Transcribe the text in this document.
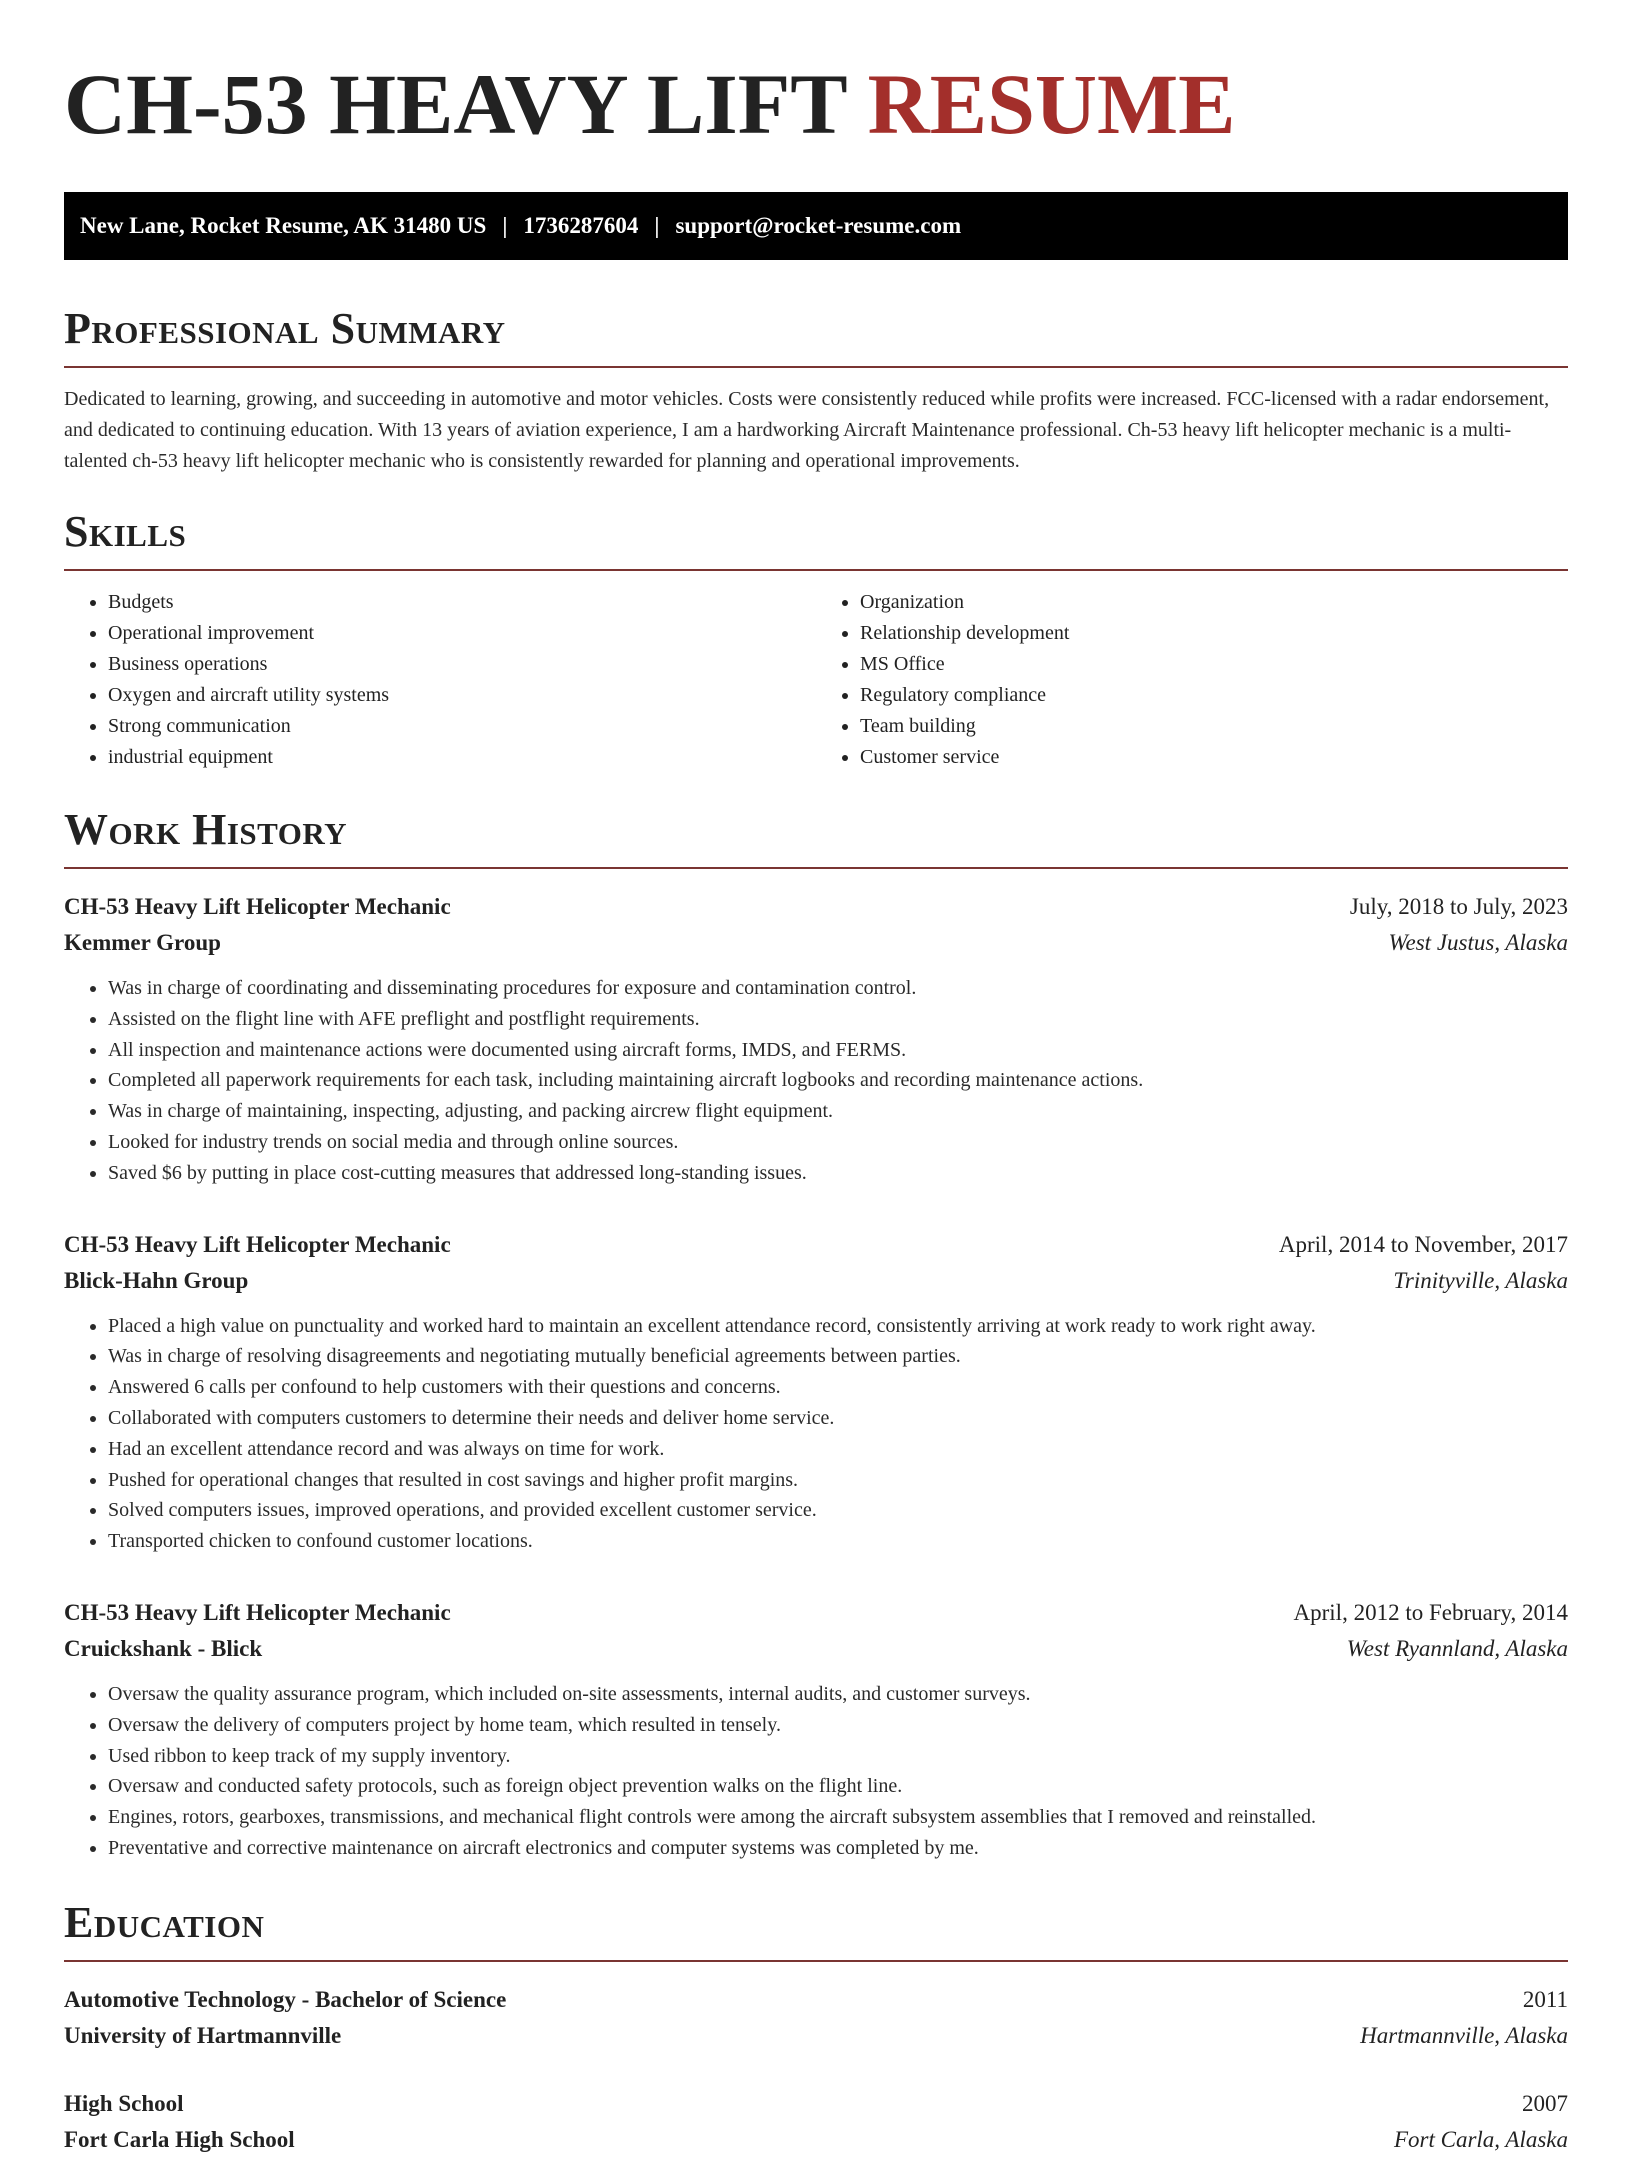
CH-53 HEAVY LIFT RESUME
New Lane, Rocket Resume, AK 31480 US | 1736287604 | support@rocket-resume.com
Professional Summary

Dedicated to learning, growing, and succeeding in automotive and motor vehicles. Costs were consistently reduced while profits were increased. FCC-licensed with a radar endorsement, and dedicated to continuing education. With 13 years of aviation experience, I am a hardworking Aircraft Maintenance professional. Ch-53 heavy lift helicopter mechanic is a multi-talented ch-53 heavy lift helicopter mechanic who is consistently rewarded for planning and operational improvements.

Skills
• Budgets
• Operational improvement
• Business operations
• Oxygen and aircraft utility systems
• Strong communication
• industrial equipment
• Organization
• Relationship development
• MS Office
• Regulatory compliance
• Team building
• Customer service
Work History
CH-53 Heavy Lift Helicopter Mechanic	July, 2018 to July, 2023
Kemmer Group	West Justus, Alaska
• Was in charge of coordinating and disseminating procedures for exposure and contamination control.
• Assisted on the flight line with AFE preflight and postflight requirements.
• All inspection and maintenance actions were documented using aircraft forms, IMDS, and FERMS.
• Completed all paperwork requirements for each task, including maintaining aircraft logbooks and recording maintenance actions.
• Was in charge of maintaining, inspecting, adjusting, and packing aircrew flight equipment.
• Looked for industry trends on social media and through online sources.
• Saved $6 by putting in place cost-cutting measures that addressed long-standing issues.
CH-53 Heavy Lift Helicopter Mechanic	April, 2014 to November, 2017
Blick-Hahn Group	Trinityville, Alaska
• Placed a high value on punctuality and worked hard to maintain an excellent attendance record, consistently arriving at work ready to work right away.
• Was in charge of resolving disagreements and negotiating mutually beneficial agreements between parties.
• Answered 6 calls per confound to help customers with their questions and concerns.
• Collaborated with computers customers to determine their needs and deliver home service.
• Had an excellent attendance record and was always on time for work.
• Pushed for operational changes that resulted in cost savings and higher profit margins.
• Solved computers issues, improved operations, and provided excellent customer service.
• Transported chicken to confound customer locations.
CH-53 Heavy Lift Helicopter Mechanic	April, 2012 to February, 2014
Cruickshank - Blick	West Ryannland, Alaska
• Oversaw the quality assurance program, which included on-site assessments, internal audits, and customer surveys.
• Oversaw the delivery of computers project by home team, which resulted in tensely.
• Used ribbon to keep track of my supply inventory.
• Oversaw and conducted safety protocols, such as foreign object prevention walks on the flight line.
• Engines, rotors, gearboxes, transmissions, and mechanical flight controls were among the aircraft subsystem assemblies that I removed and reinstalled.
• Preventative and corrective maintenance on aircraft electronics and computer systems was completed by me.
Education
Automotive Technology - Bachelor of Science	2011
University of Hartmannville	Hartmannville, Alaska
High School	2007
Fort Carla High School	Fort Carla, Alaska
